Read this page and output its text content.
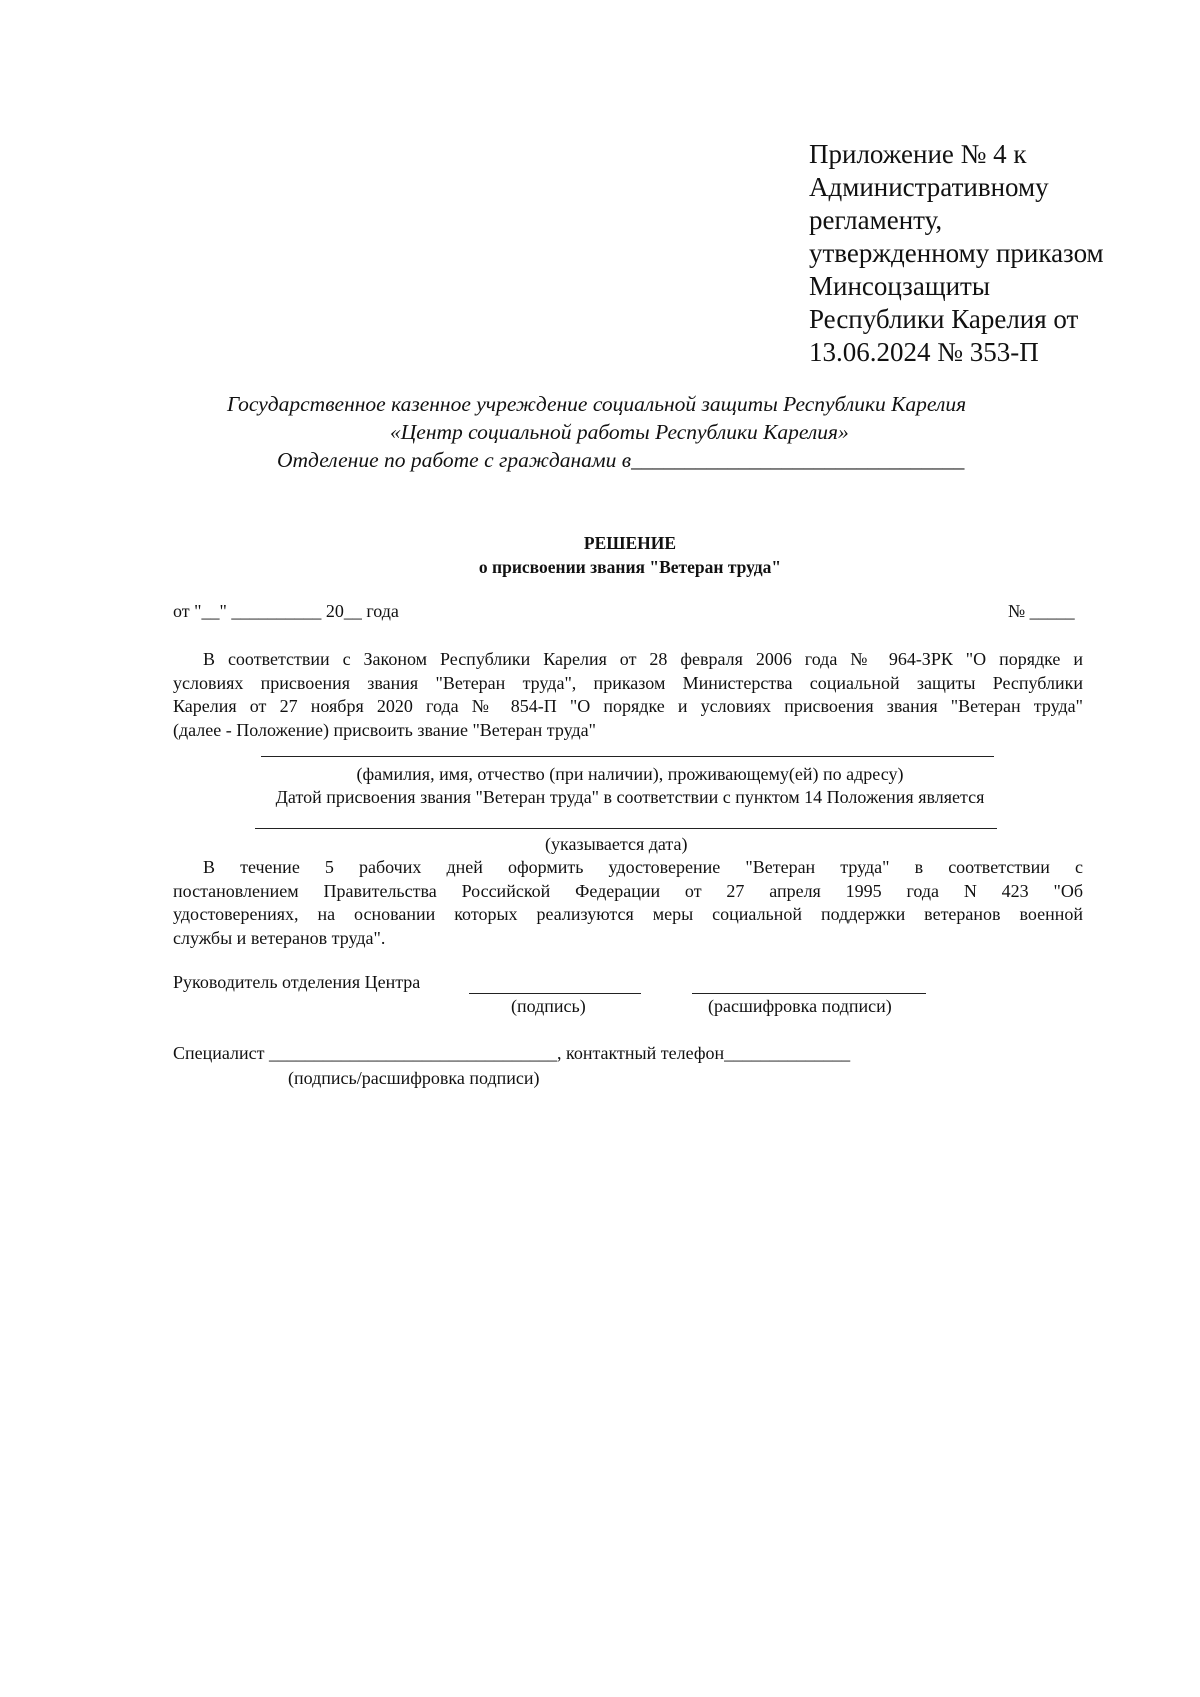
Приложение № 4 к
Административному
регламенту,
утвержденному приказом
Минсоцзащиты
Республики Карелия от
13.06.2024 № 353-П
Государственное казенное учреждение социальной защиты Республики Карелия
«Центр социальной работы Республики Карелия»
Отделение по работе с гражданами в_______________________________
РЕШЕНИЕ
о присвоении звания "Ветеран труда"
от "__" __________ 20__ года	№ _____
В соответствии с Законом Республики Карелия от 28 февраля 2006 года № 964-ЗРК "О порядке и
условиях присвоения звания "Ветеран труда", приказом Министерства социальной защиты Республики
Карелия от 27 ноября 2020 года № 854-П "О порядке и условиях присвоения звания "Ветеран труда"
(далее - Положение) присвоить звание "Ветеран труда"
(фамилия, имя, отчество (при наличии), проживающему(ей) по адресу)
Датой присвоения звания "Ветеран труда" в соответствии с пунктом 14 Положения является
(указывается дата)
В течение 5 рабочих дней оформить удостоверение "Ветеран труда" в соответствии с
постановлением Правительства Российской Федерации от 27 апреля 1995 года N 423 "Об
удостоверениях, на основании которых реализуются меры социальной поддержки ветеранов военной
службы и ветеранов труда".
Руководитель отделения Центра
(подпись)	(расшифровка подписи)
Специалист ________________________________, контактный телефон______________
(подпись/расшифровка подписи)
